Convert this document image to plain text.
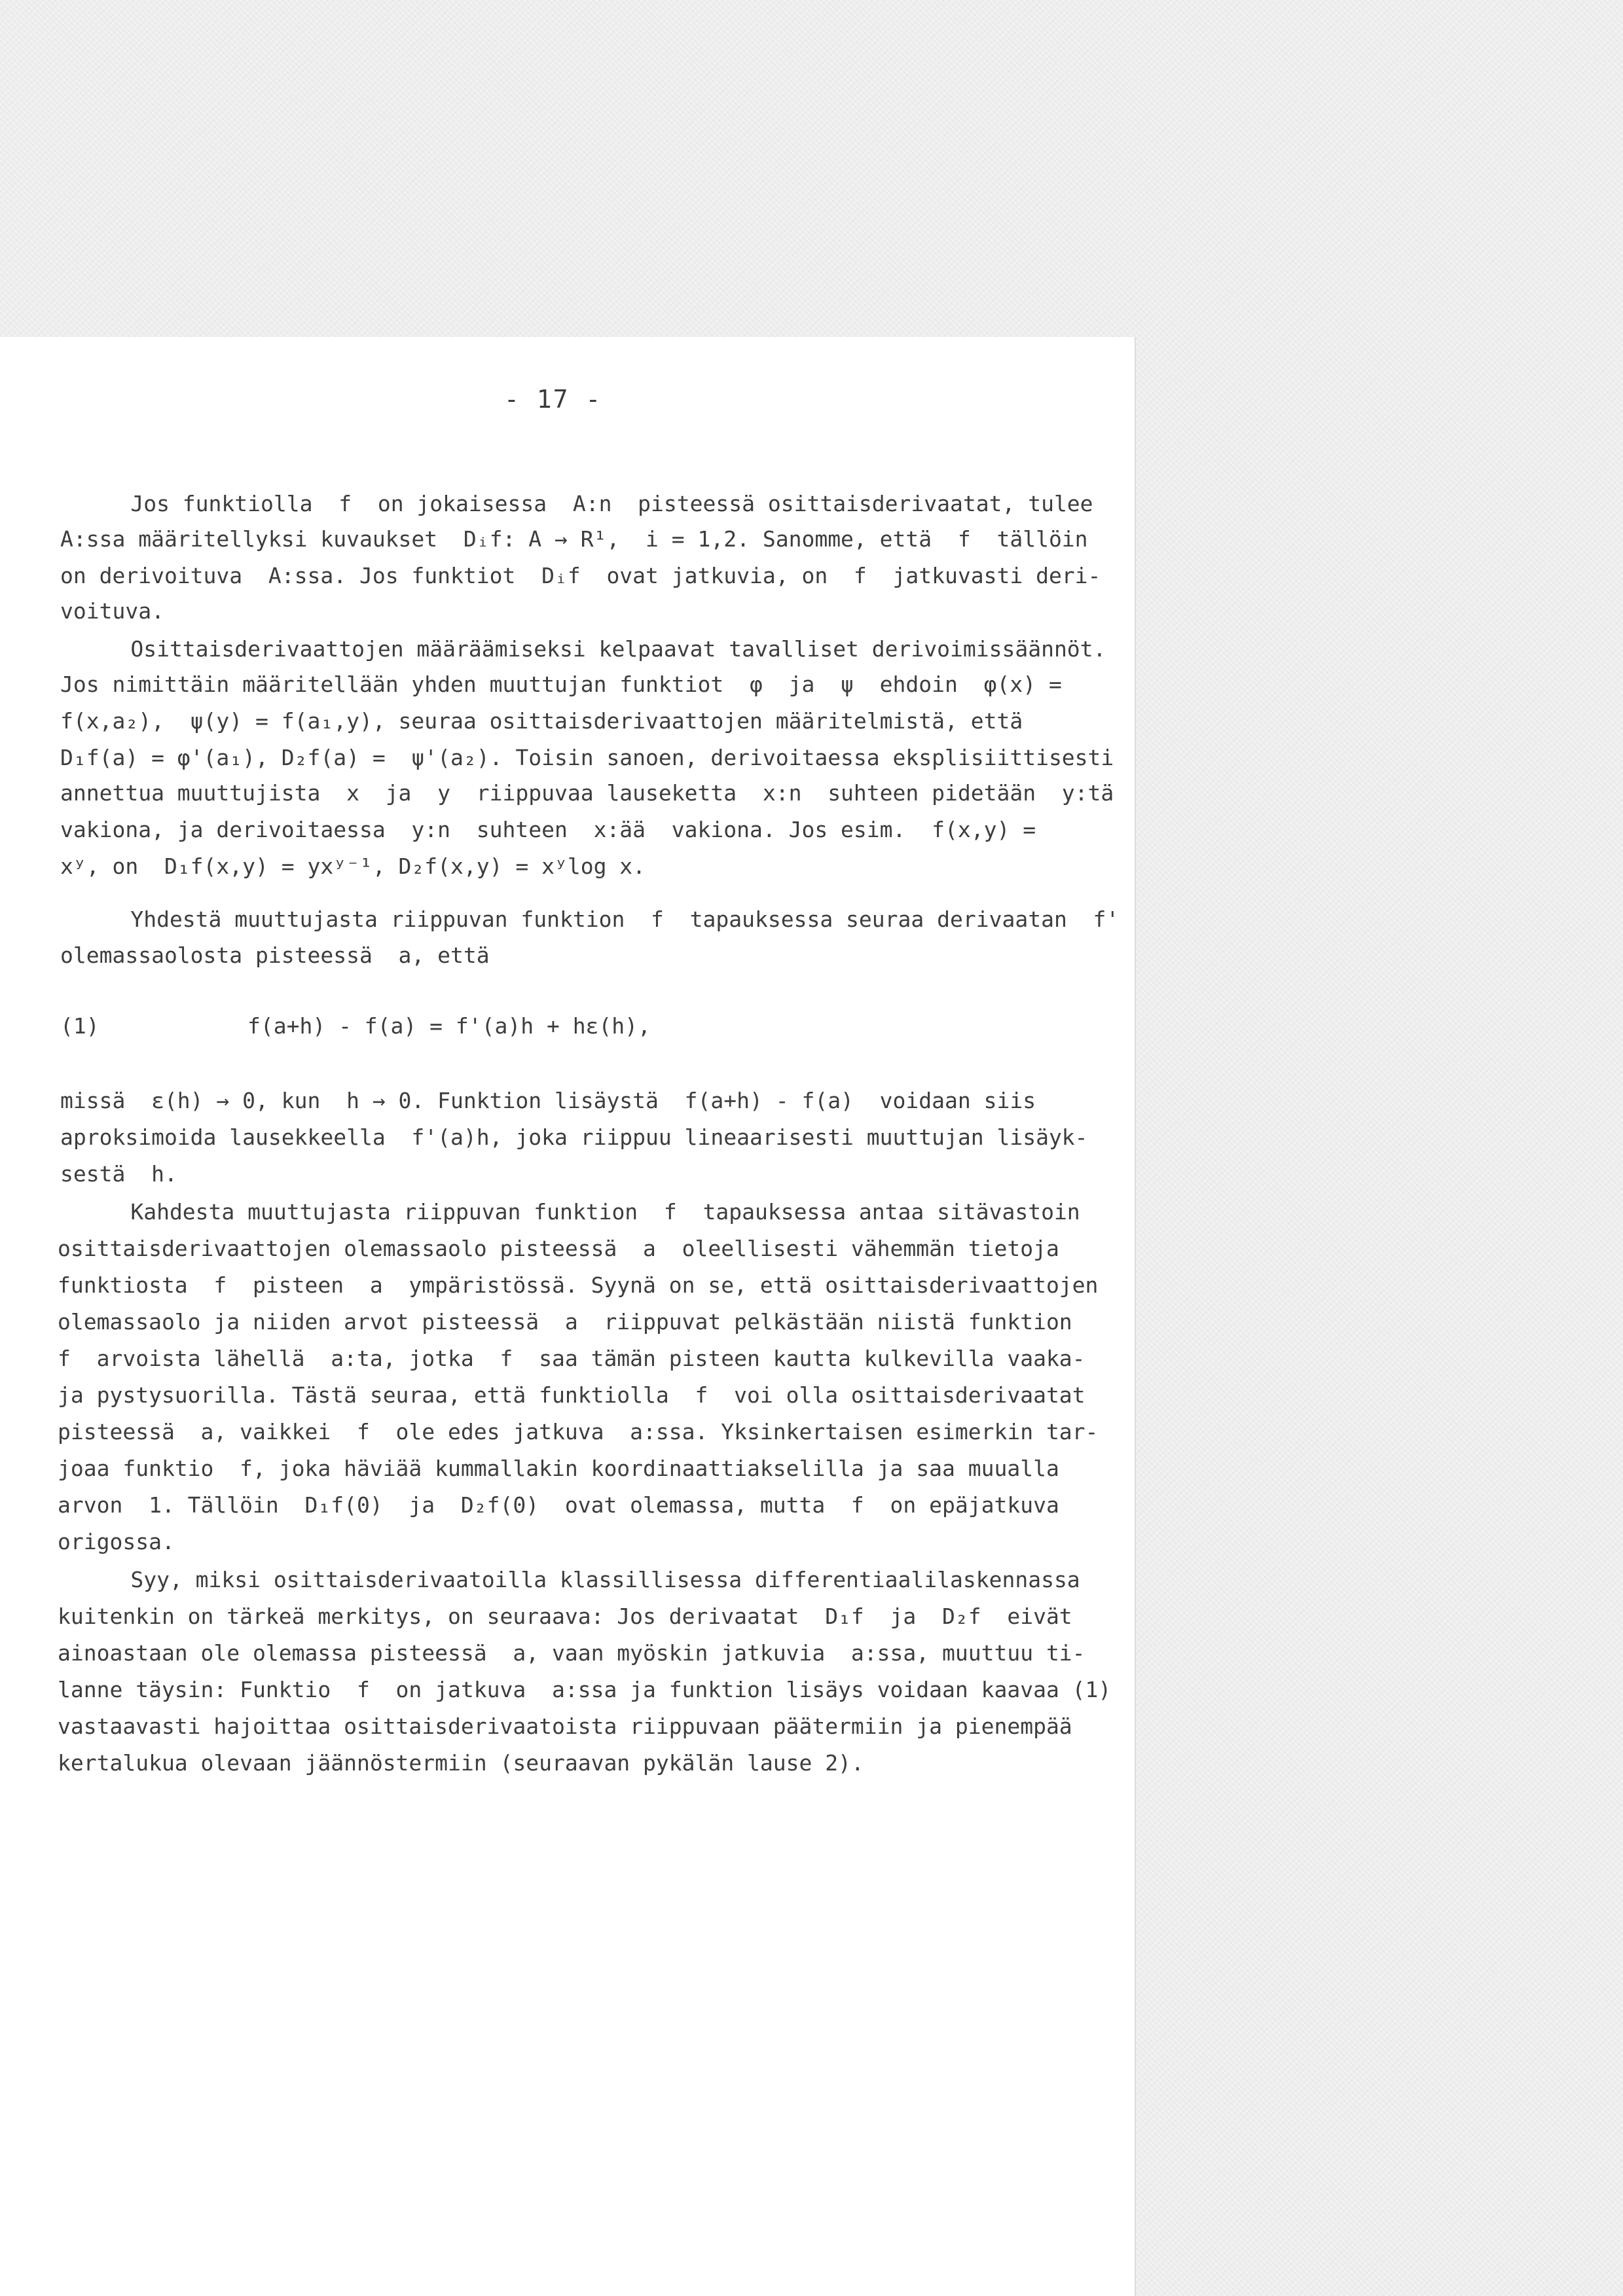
- 17 -
Jos funktiolla  f  on jokaisessa  A:n  pisteessä osittaisderivaatat, tulee
A:ssa määritellyksi kuvaukset  Dᵢf: A → R¹,  i = 1,2. Sanomme, että  f  tällöin
on derivoituva  A:ssa. Jos funktiot  Dᵢf  ovat jatkuvia, on  f  jatkuvasti deri-
voituva.
Osittaisderivaattojen määräämiseksi kelpaavat tavalliset derivoimissäännöt.
Jos nimittäin määritellään yhden muuttujan funktiot  φ  ja  ψ  ehdoin  φ(x) =
f(x,a₂),  ψ(y) = f(a₁,y), seuraa osittaisderivaattojen määritelmistä, että
D₁f(a) = φ'(a₁), D₂f(a) =  ψ'(a₂). Toisin sanoen, derivoitaessa eksplisiittisesti
annettua muuttujista  x  ja  y  riippuvaa lauseketta  x:n  suhteen pidetään  y:tä
vakiona, ja derivoitaessa  y:n  suhteen  x:ää  vakiona. Jos esim.  f(x,y) =
xʸ, on  D₁f(x,y) = yxʸ⁻¹, D₂f(x,y) = xʸlog x.
Yhdestä muuttujasta riippuvan funktion  f  tapauksessa seuraa derivaatan  f'
olemassaolosta pisteessä  a, että
(1)	f(a+h) - f(a) = f'(a)h + hε(h),
missä  ε(h) → 0, kun  h → 0. Funktion lisäystä  f(a+h) - f(a)  voidaan siis
aproksimoida lausekkeella  f'(a)h, joka riippuu lineaarisesti muuttujan lisäyk-
sestä  h.
Kahdesta muuttujasta riippuvan funktion  f  tapauksessa antaa sitävastoin
osittaisderivaattojen olemassaolo pisteessä  a  oleellisesti vähemmän tietoja
funktiosta  f  pisteen  a  ympäristössä. Syynä on se, että osittaisderivaattojen
olemassaolo ja niiden arvot pisteessä  a  riippuvat pelkästään niistä funktion
f  arvoista lähellä  a:ta, jotka  f  saa tämän pisteen kautta kulkevilla vaaka-
ja pystysuorilla. Tästä seuraa, että funktiolla  f  voi olla osittaisderivaatat
pisteessä  a, vaikkei  f  ole edes jatkuva  a:ssa. Yksinkertaisen esimerkin tar-
joaa funktio  f, joka häviää kummallakin koordinaattiakselilla ja saa muualla
arvon  1. Tällöin  D₁f(0)  ja  D₂f(0)  ovat olemassa, mutta  f  on epäjatkuva
origossa.
Syy, miksi osittaisderivaatoilla klassillisessa differentiaalilaskennassa
kuitenkin on tärkeä merkitys, on seuraava: Jos derivaatat  D₁f  ja  D₂f  eivät
ainoastaan ole olemassa pisteessä  a, vaan myöskin jatkuvia  a:ssa, muuttuu ti-
lanne täysin: Funktio  f  on jatkuva  a:ssa ja funktion lisäys voidaan kaavaa (1)
vastaavasti hajoittaa osittaisderivaatoista riippuvaan päätermiin ja pienempää
kertalukua olevaan jäännöstermiin (seuraavan pykälän lause 2).
